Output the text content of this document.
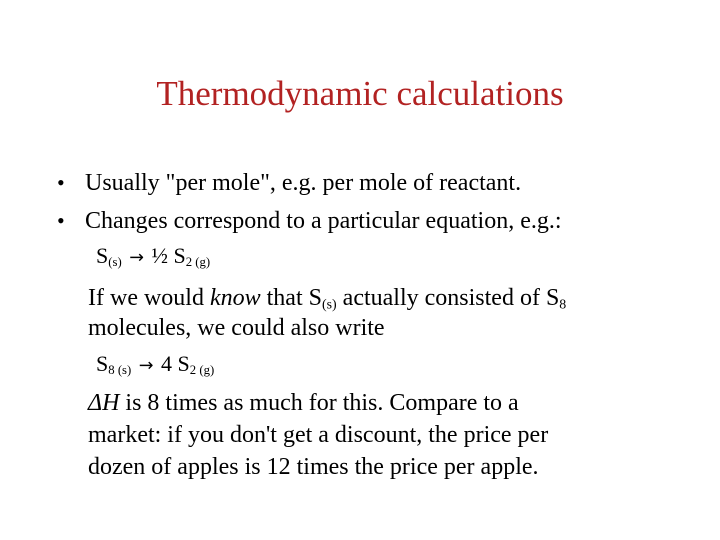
Thermodynamic calculations
• Usually "per mole", e.g. per mole of reactant.
• Changes correspond to a particular equation, e.g.:
$S_{(s)}$ → ½ $S_{2 (g)}$
If we would know that $S_{(s)}$ actually consisted of $S_8$
molecules, we could also write
$S_{8 (s)} \to 4$ $S_{2 (g)}$
ΔH is 8 times as much for this. Compare to a
market: if you don't get a discount, the price per
dozen of apples is 12 times the price per apple.
